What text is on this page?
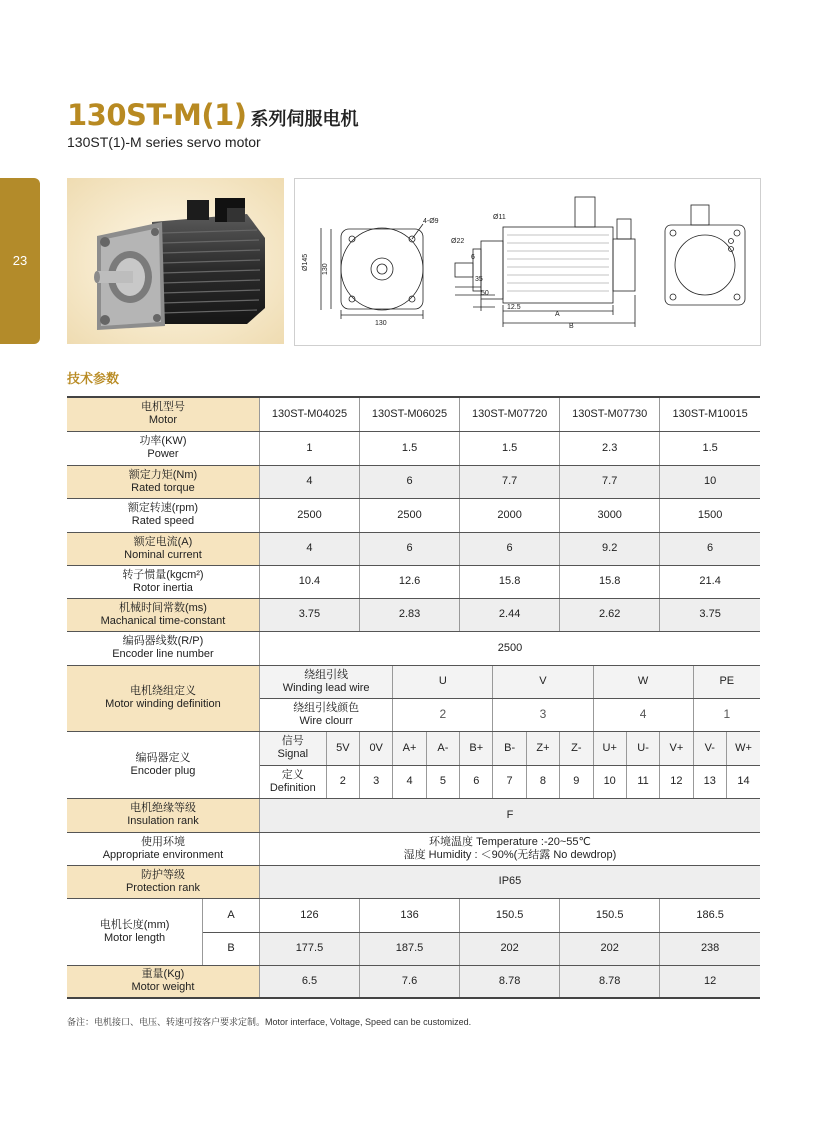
23
130ST-M(1) 系列伺服电机
130ST(1)-M series servo motor
Ø145 130
4-Ø9
130
Ø11
Ø22
6
35
50
12.5
A
B
技术参数
电机型号
Motor		130ST-M04025		130ST-M06025			130ST-M07720			130ST-M07730			130ST-M10015		
功率(KW)
Power		1		1.5			1.5			2.3			1.5		
额定力矩(Nm)
Rated torque		4		6			7.7			7.7			10		
额定转速(rpm)
Rated speed		2500		2500			2000			3000			1500		
额定电流(A)
Nominal current		4		6			6			9.2			6		
转子惯量(kgcm²)
Rotor inertia		10.4		12.6			15.8			15.8			21.4		
机械时间常数(ms)
Machanical time-constant		3.75		2.83			2.44			2.62			3.75		
编码器线数(R/P)
Encoder line number		2500													
电机绕组定义
Motor winding definition		绕组引线
Winding lead wire			U			V			W			PE	
		绕组引线颜色
Wire clourr			2			3			4			1	
编码器定义
Encoder plug		信号
Signal	5V	0V	A+	A-	B+	B-	Z+	Z-	U+	U-	V+	V-	W+
		定义
Definition	2	3	4	5	6	7	8	9	10	11	12	13	14
电机绝缘等级
Insulation rank		F													
使用环境
Appropriate environment		环境温度 Temperature :-20~55℃
湿度 Humidity : ＜90%(无结露 No dewdrop)													
防护等级
Protection rank		IP65													
电机长度(mm)
Motor length	A	126		136			150.5			150.5			186.5		
	B	177.5		187.5			202			202			238		
重量(Kg)
Motor weight		6.5		7.6			8.78			8.78			12		
备注：电机接口、电压、转速可按客户要求定制。Motor interface, Voltage, Speed can be customized.
